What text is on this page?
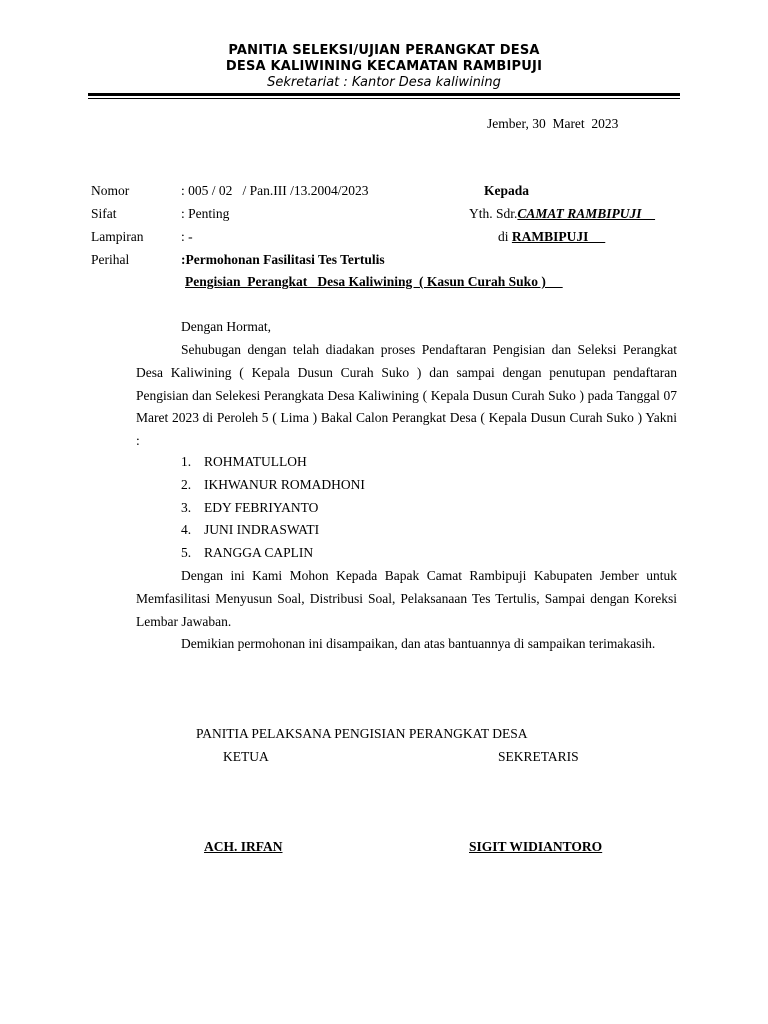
PANITIA SELEKSI/UJIAN PERANGKAT DESA
DESA KALIWINING KECAMATAN RAMBIPUJI
Sekretariat : Kantor Desa kaliwining
Jember, 30  Maret  2023
Nomor	: 005 / 02   / Pan.III /13.2004/2023
Sifat	: Penting
Lampiran	: -
Perihal	:Permohonan Fasilitasi Tes Tertulis
Pengisian  Perangkat   Desa Kaliwining  ( Kasun Curah Suko )
Kepada
Yth. Sdr.CAMAT RAMBIPUJI
di RAMBIPUJI
Dengan Hormat,
Sehubugan dengan telah diadakan proses Pendaftaran Pengisian dan Seleksi Perangkat Desa Kaliwining ( Kepala Dusun Curah Suko ) dan sampai dengan penutupan pendaftaran Pengisian dan Selekesi Perangkata Desa Kaliwining ( Kepala Dusun Curah Suko ) pada Tanggal 07 Maret 2023 di Peroleh 5 ( Lima ) Bakal Calon Perangkat Desa ( Kepala Dusun Curah Suko ) Yakni :
1. ROHMATULLOH
2. IKHWANUR ROMADHONI
3. EDY FEBRIYANTO
4. JUNI INDRASWATI
5. RANGGA CAPLIN
Dengan ini Kami Mohon Kepada Bapak Camat Rambipuji Kabupaten Jember untuk Memfasilitasi Menyusun Soal, Distribusi Soal, Pelaksanaan Tes Tertulis, Sampai dengan Koreksi Lembar Jawaban.
Demikian permohonan ini disampaikan, dan atas bantuannya di sampaikan terimakasih.
PANITIA PELAKSANA PENGISIAN PERANGKAT DESA
KETUA	SEKRETARIS
ACH. IRFAN	SIGIT WIDIANTORO
